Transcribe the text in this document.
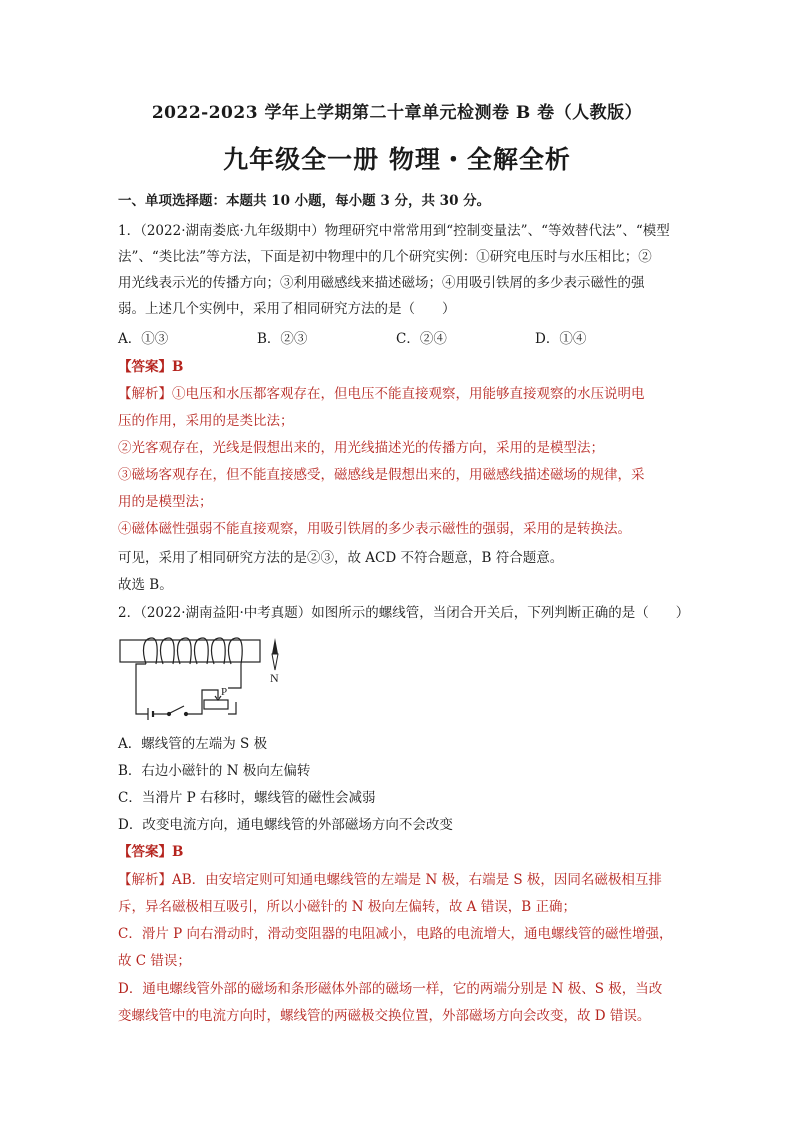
2022-2023 学年上学期第二十章单元检测卷 B 卷（人教版）
九年级全一册 物理・全解全析
一、单项选择题：本题共 10 小题，每小题 3 分，共 30 分。
1．（2022·湖南娄底·九年级期中）物理研究中常常用到“控制变量法”、“等效替代法”、“模型
法”、“类比法”等方法，下面是初中物理中的几个研究实例：①研究电压时与水压相比；②
用光线表示光的传播方向；③利用磁感线来描述磁场；④用吸引铁屑的多少表示磁性的强
弱。上述几个实例中，采用了相同研究方法的是（　　）
A．①③	B．②③	C．②④	D．①④
【答案】B
【解析】①电压和水压都客观存在，但电压不能直接观察，用能够直接观察的水压说明电
压的作用，采用的是类比法；
②光客观存在，光线是假想出来的，用光线描述光的传播方向，采用的是模型法；
③磁场客观存在，但不能直接感受，磁感线是假想出来的，用磁感线描述磁场的规律，采
用的是模型法；
④磁体磁性强弱不能直接观察，用吸引铁屑的多少表示磁性的强弱，采用的是转换法。
可见，采用了相同研究方法的是②③，故 ACD 不符合题意，B 符合题意。
故选 B。
2．（2022·湖南益阳·中考真题）如图所示的螺线管，当闭合开关后，下列判断正确的是（　　）
P
N
A．螺线管的左端为 S 极
B．右边小磁针的 N 极向左偏转
C．当滑片 P 右移时，螺线管的磁性会减弱
D．改变电流方向，通电螺线管的外部磁场方向不会改变
【答案】B
【解析】AB．由安培定则可知通电螺线管的左端是 N 极，右端是 S 极，因同名磁极相互排
斥，异名磁极相互吸引，所以小磁针的 N 极向左偏转，故 A 错误，B 正确；
C．滑片 P 向右滑动时，滑动变阻器的电阻减小，电路的电流增大，通电螺线管的磁性增强，
故 C 错误；
D．通电螺线管外部的磁场和条形磁体外部的磁场一样，它的两端分别是 N 极、S 极，当改
变螺线管中的电流方向时，螺线管的两磁极交换位置，外部磁场方向会改变，故 D 错误。
